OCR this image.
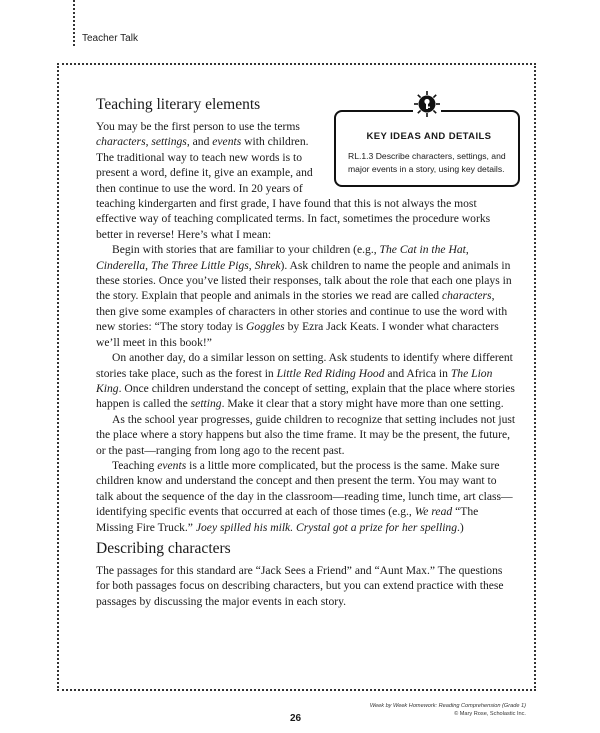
Teacher Talk
KEY IDEAS AND DETAILS
RL.1.3 Describe characters, settings, and major events in a story, using key details.
Teaching literary elements

You may be the first person to use the terms characters, settings, and events with children. The traditional way to teach new words is to present a word, define it, give an example, and then continue to use the word. In 20 years of teaching kindergarten and first grade, I have found that this is not always the most effective way of teaching complicated terms. In fact, sometimes the procedure works better in reverse! Here’s what I mean:

Begin with stories that are familiar to your children (e.g., The Cat in the Hat, Cinderella, The Three Little Pigs, Shrek). Ask children to name the people and animals in these stories. Once you’ve listed their responses, talk about the role that each one plays in the story. Explain that people and animals in the stories we read are called characters, then give some examples of characters in other stories and continue to use the word with new stories: “The story today is Goggles by Ezra Jack Keats. I wonder what characters we’ll meet in this book!”

On another day, do a similar lesson on setting. Ask students to identify where different stories take place, such as the forest in Little Red Riding Hood and Africa in The Lion King. Once children understand the concept of setting, explain that the place where stories happen is called the setting. Make it clear that a story might have more than one setting.

As the school year progresses, guide children to recognize that setting includes not just the place where a story happens but also the time frame. It may be the present, the future, or the past—ranging from long ago to the recent past.

Teaching events is a little more complicated, but the process is the same. Make sure children know and understand the concept and then present the term. You may want to talk about the sequence of the day in the classroom—reading time, lunch time, art class—identifying specific events that occurred at each of those times (e.g., We read “The Missing Fire Truck.” Joey spilled his milk. Crystal got a prize for her spelling.)

Describing characters

The passages for this standard are “Jack Sees a Friend” and “Aunt Max.” The questions for both passages focus on describing characters, but you can extend practice with these passages by discussing the major events in each story.

26
Week by Week Homework: Reading Comprehension (Grade 1)
© Mary Rose, Scholastic Inc.
